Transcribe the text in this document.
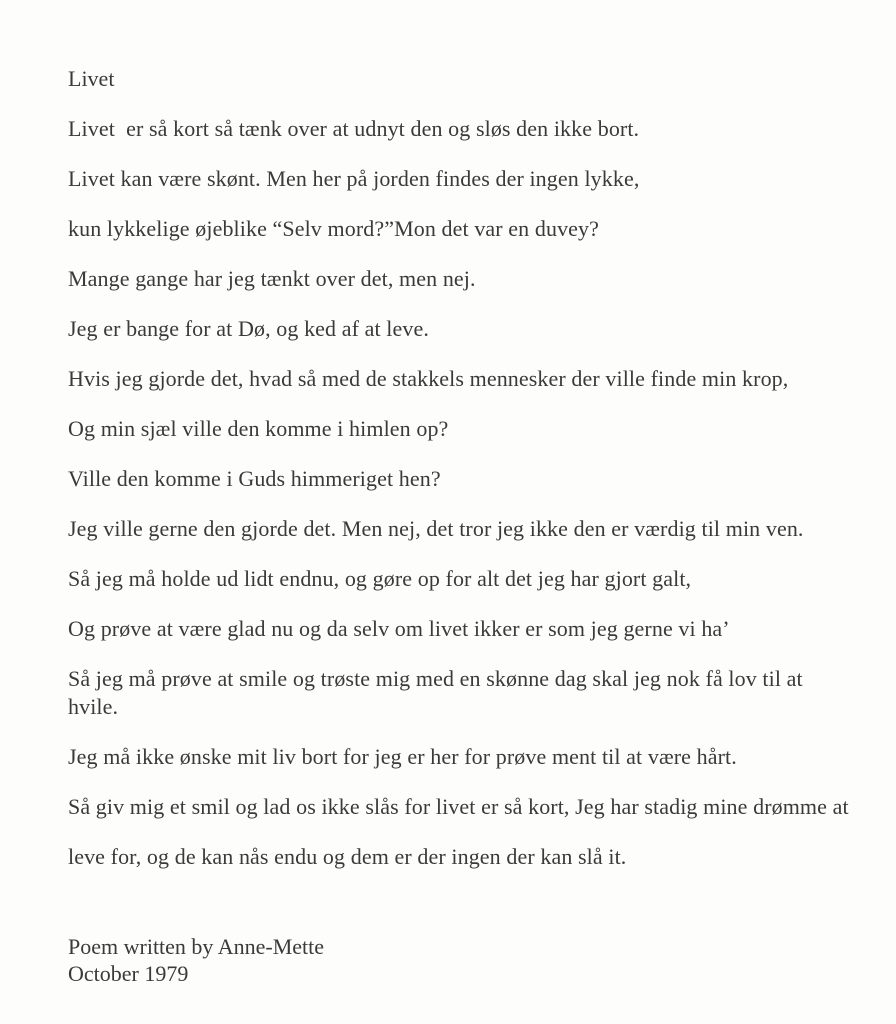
Livet
Livet  er så kort så tænk over at udnyt den og sløs den ikke bort.
Livet kan være skønt. Men her på jorden findes der ingen lykke,
kun lykkelige øjeblike “Selv mord?”Mon det var en duvey?
Mange gange har jeg tænkt over det, men nej.
Jeg er bange for at Dø, og ked af at leve.
Hvis jeg gjorde det, hvad så med de stakkels mennesker der ville finde min krop,
Og min sjæl ville den komme i himlen op?
Ville den komme i Guds himmeriget hen?
Jeg ville gerne den gjorde det. Men nej, det tror jeg ikke den er værdig til min ven.
Så jeg må holde ud lidt endnu, og gøre op for alt det jeg har gjort galt,
Og prøve at være glad nu og da selv om livet ikker er som jeg gerne vi ha’
Så jeg må prøve at smile og trøste mig med en skønne dag skal jeg nok få lov til at hvile.
Jeg må ikke ønske mit liv bort for jeg er her for prøve ment til at være hårt.
Så giv mig et smil og lad os ikke slås for livet er så kort, Jeg har stadig mine drømme at
leve for, og de kan nås endu og dem er der ingen der kan slå it.
Poem written by Anne-Mette
October 1979
